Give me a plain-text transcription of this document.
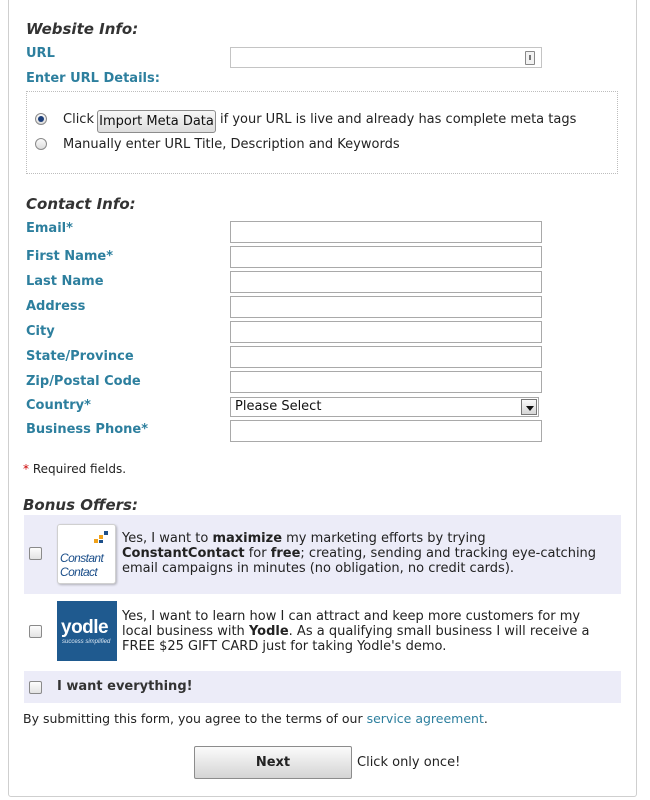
Website Info:
URL
Enter URL Details:
Click Import Meta Data if your URL is live and already has complete meta tags
Manually enter URL Title, Description and Keywords
Contact Info:
Email*
First Name*
Last Name
Address
City
State/Province
Zip/Postal Code
Country*	Please Select
Business Phone*
* Required fields.
Bonus Offers:
Constant
Contact
Yes, I want to maximize my marketing efforts by trying ConstantContact for free; creating, sending and tracking eye-catching email campaigns in minutes (no obligation, no credit cards).
yodle
success simplified
Yes, I want to learn how I can attract and keep more customers for my local business with Yodle. As a qualifying small business I will receive a FREE $25 GIFT CARD just for taking Yodle's demo.
I want everything!
By submitting this form, you agree to the terms of our service agreement.
Next	Click only once!
